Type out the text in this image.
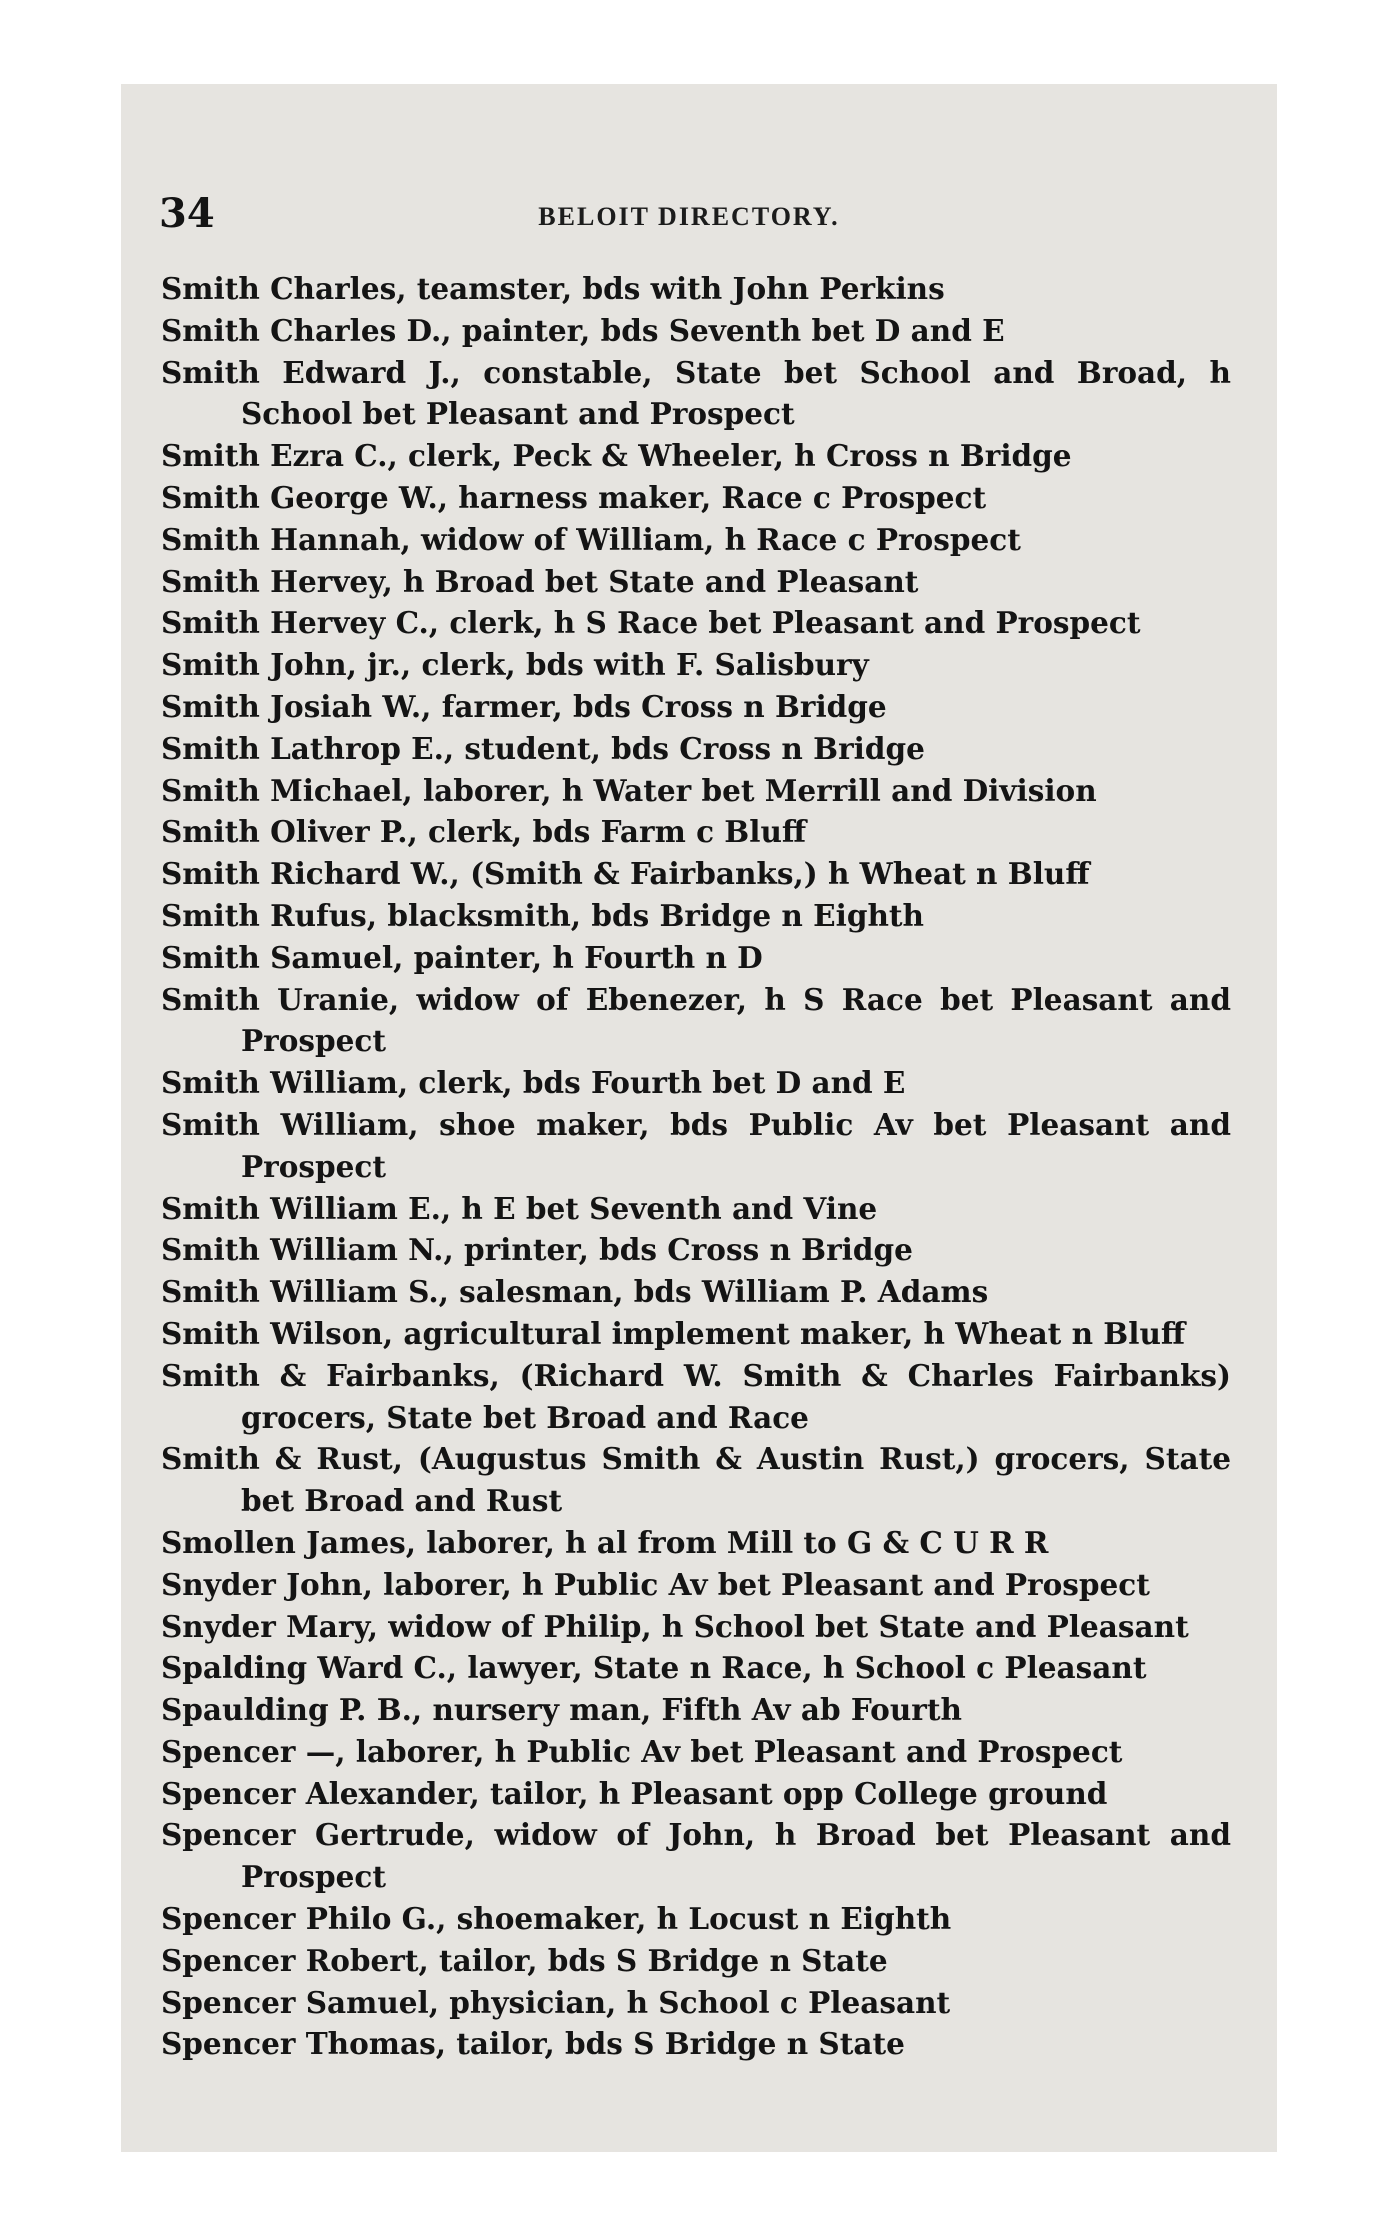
34	BELOIT DIRECTORY.
Smith Charles, teamster, bds with John Perkins
Smith Charles D., painter, bds Seventh bet D and E
Smith Edward J., constable, State bet School and Broad, h School bet Pleasant and Prospect
Smith Ezra C., clerk, Peck & Wheeler, h Cross n Bridge
Smith George W., harness maker, Race c Prospect
Smith Hannah, widow of William, h Race c Prospect
Smith Hervey, h Broad bet State and Pleasant
Smith Hervey C., clerk, h S Race bet Pleasant and Prospect
Smith John, jr., clerk, bds with F. Salisbury
Smith Josiah W., farmer, bds Cross n Bridge
Smith Lathrop E., student, bds Cross n Bridge
Smith Michael, laborer, h Water bet Merrill and Division
Smith Oliver P., clerk, bds Farm c Bluff
Smith Richard W., (Smith & Fairbanks,) h Wheat n Bluff
Smith Rufus, blacksmith, bds Bridge n Eighth
Smith Samuel, painter, h Fourth n D
Smith Uranie, widow of Ebenezer, h S Race bet Pleasant and Prospect
Smith William, clerk, bds Fourth bet D and E
Smith William, shoe maker, bds Public Av bet Pleasant and Prospect
Smith William E., h E bet Seventh and Vine
Smith William N., printer, bds Cross n Bridge
Smith William S., salesman, bds William P. Adams
Smith Wilson, agricultural implement maker, h Wheat n Bluff
Smith & Fairbanks, (Richard W. Smith & Charles Fairbanks) grocers, State bet Broad and Race
Smith & Rust, (Augustus Smith & Austin Rust,) grocers, State bet Broad and Rust
Smollen James, laborer, h al from Mill to G & C U R R
Snyder John, laborer, h Public Av bet Pleasant and Prospect
Snyder Mary, widow of Philip, h School bet State and Pleasant
Spalding Ward C., lawyer, State n Race, h School c Pleasant
Spaulding P. B., nursery man, Fifth Av ab Fourth
Spencer —, laborer, h Public Av bet Pleasant and Prospect
Spencer Alexander, tailor, h Pleasant opp College ground
Spencer Gertrude, widow of John, h Broad bet Pleasant and Prospect
Spencer Philo G., shoemaker, h Locust n Eighth
Spencer Robert, tailor, bds S Bridge n State
Spencer Samuel, physician, h School c Pleasant
Spencer Thomas, tailor, bds S Bridge n State
